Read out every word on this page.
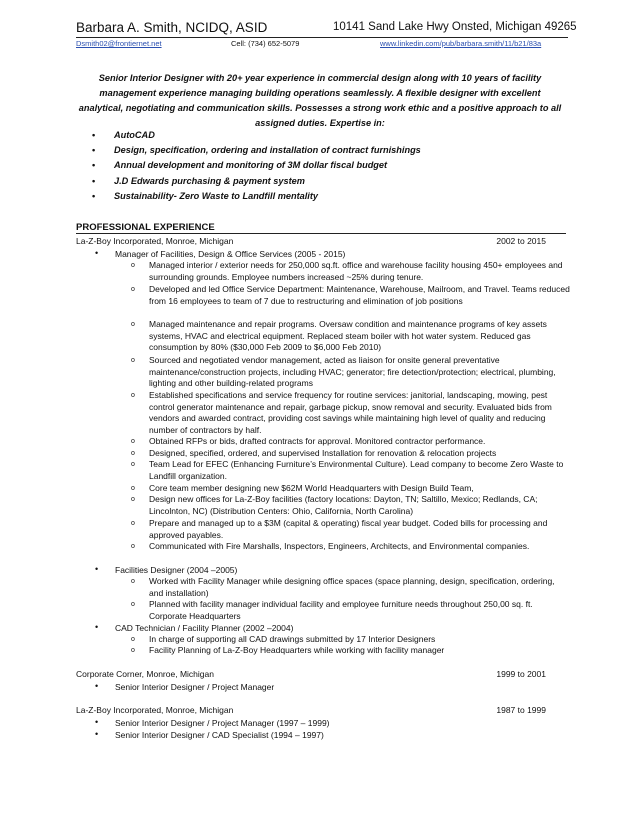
Barbara A. Smith, NCIDQ, ASID	10141 Sand Lake Hwy Onsted, Michigan 49265
Dsmith02@frontiernet.net	Cell: (734) 652-5079	www.linkedin.com/pub/barbara.smith/11/b21/83a
Senior Interior Designer with 20+ year experience in commercial design along with 10 years of facility management experience managing building operations seamlessly. A flexible designer with excellent analytical, negotiating and communication skills. Possesses a strong work ethic and a positive approach to all assigned duties. Expertise in:
• AutoCAD
• Design, specification, ordering and installation of contract furnishings
• Annual development and monitoring of 3M dollar fiscal budget
• J.D Edwards purchasing & payment system
• Sustainability- Zero Waste to Landfill mentality
PROFESSIONAL EXPERIENCE
La-Z-Boy Incorporated, Monroe, Michigan	2002 to 2015
• Manager of Facilities, Design & Office Services (2005 - 2015)
o Managed interior / exterior needs for 250,000 sq.ft. office and warehouse facility housing 450+ employees and surrounding grounds. Employee numbers increased ~25% during tenure.
o Developed and led Office Service Department: Maintenance, Warehouse, Mailroom, and Travel. Teams reduced from 16 employees to team of 7 due to restructuring and elimination of job positions
o Managed maintenance and repair programs. Oversaw condition and maintenance programs of key assets systems, HVAC and electrical equipment. Replaced steam boiler with hot water system. Reduced gas consumption by 80% ($30,000 Feb 2009 to $6,000 Feb 2010)
o Sourced and negotiated vendor management, acted as liaison for onsite general preventative maintenance/construction projects, including HVAC; generator; fire detection/protection; electrical, plumbing, lighting and other building-related programs
o Established specifications and service frequency for routine services: janitorial, landscaping, mowing, pest control generator maintenance and repair, garbage pickup, snow removal and security. Evaluated bids from vendors and awarded contract, providing cost savings while maintaining high level of quality and reducing number of contractors by half.
o Obtained RFPs or bids, drafted contracts for approval. Monitored contractor performance.
o Designed, specified, ordered, and supervised Installation for renovation & relocation projects
o Team Lead for EFEC (Enhancing Furniture’s Environmental Culture). Lead company to become Zero Waste to Landfill organization.
o Core team member designing new $62M World Headquarters with Design Build Team,
o Design new offices for La-Z-Boy facilities (factory locations: Dayton, TN; Saltillo, Mexico; Redlands, CA; Lincolnton, NC) (Distribution Centers: Ohio, California, North Carolina)
o Prepare and managed up to a $3M (capital & operating) fiscal year budget. Coded bills for processing and approved payables.
o Communicated with Fire Marshalls, Inspectors, Engineers, Architects, and Environmental companies.
• Facilities Designer (2004 –2005)
o Worked with Facility Manager while designing office spaces (space planning, design, specification, ordering, and installation)
o Planned with facility manager individual facility and employee furniture needs throughout 250,00 sq. ft. Corporate Headquarters
• CAD Technician / Facility Planner (2002 –2004)
o In charge of supporting all CAD drawings submitted by 17 Interior Designers
o Facility Planning of La-Z-Boy Headquarters while working with facility manager
Corporate Corner, Monroe, Michigan	1999 to 2001
• Senior Interior Designer / Project Manager
La-Z-Boy Incorporated, Monroe, Michigan	1987 to 1999
• Senior Interior Designer / Project Manager (1997 – 1999)
• Senior Interior Designer / CAD Specialist (1994 – 1997)
